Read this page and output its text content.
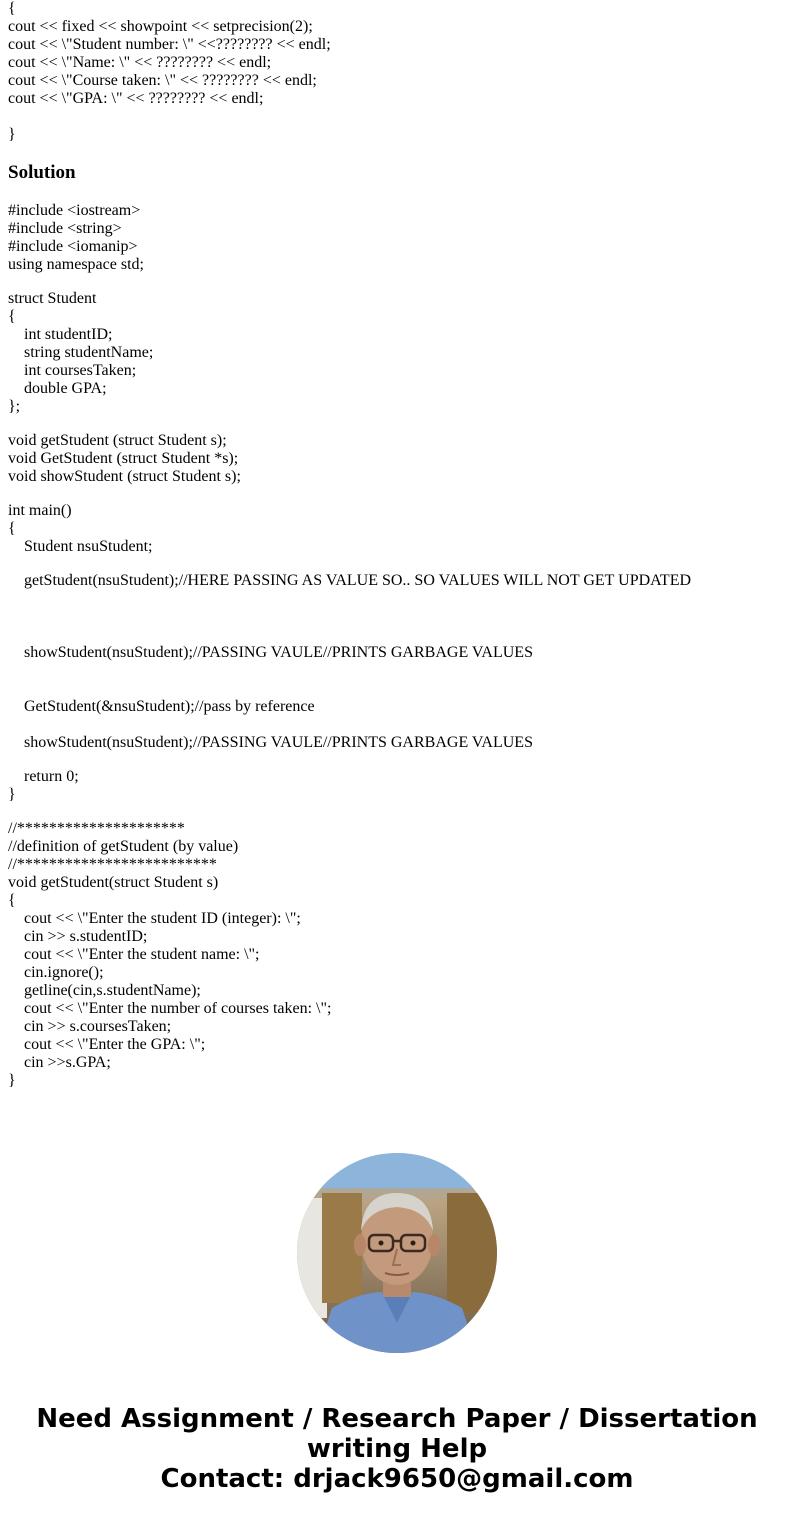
{
cout << fixed << showpoint << setprecision(2);
cout << \"Student number: \" <<???????? << endl;
cout << \"Name: \" << ???????? << endl;
cout << \"Course taken: \" << ???????? << endl;
cout << \"GPA: \" << ???????? << endl;
}
Solution
#include <iostream>
#include <string>
#include <iomanip>
using namespace std;
struct Student
{
int studentID;
string studentName;
int coursesTaken;
double GPA;
};
void getStudent (struct Student s);
void GetStudent (struct Student *s);
void showStudent (struct Student s);
int main()
{
Student nsuStudent;
getStudent(nsuStudent);//HERE PASSING AS VALUE SO.. SO VALUES WILL NOT GET UPDATED
showStudent(nsuStudent);//PASSING VAULE//PRINTS GARBAGE VALUES
GetStudent(&nsuStudent);//pass by reference
showStudent(nsuStudent);//PASSING VAULE//PRINTS GARBAGE VALUES
return 0;
}
//*********************
//definition of getStudent (by value)
//*************************
void getStudent(struct Student s)
{
cout << \"Enter the student ID (integer): \";
cin >> s.studentID;
cout << \"Enter the student name: \";
cin.ignore();
getline(cin,s.studentName);
cout << \"Enter the number of courses taken: \";
cin >> s.coursesTaken;
cout << \"Enter the GPA: \";
cin >>s.GPA;
}
Need Assignment / Research Paper / Dissertation
writing Help
Contact: drjack9650@gmail.com
